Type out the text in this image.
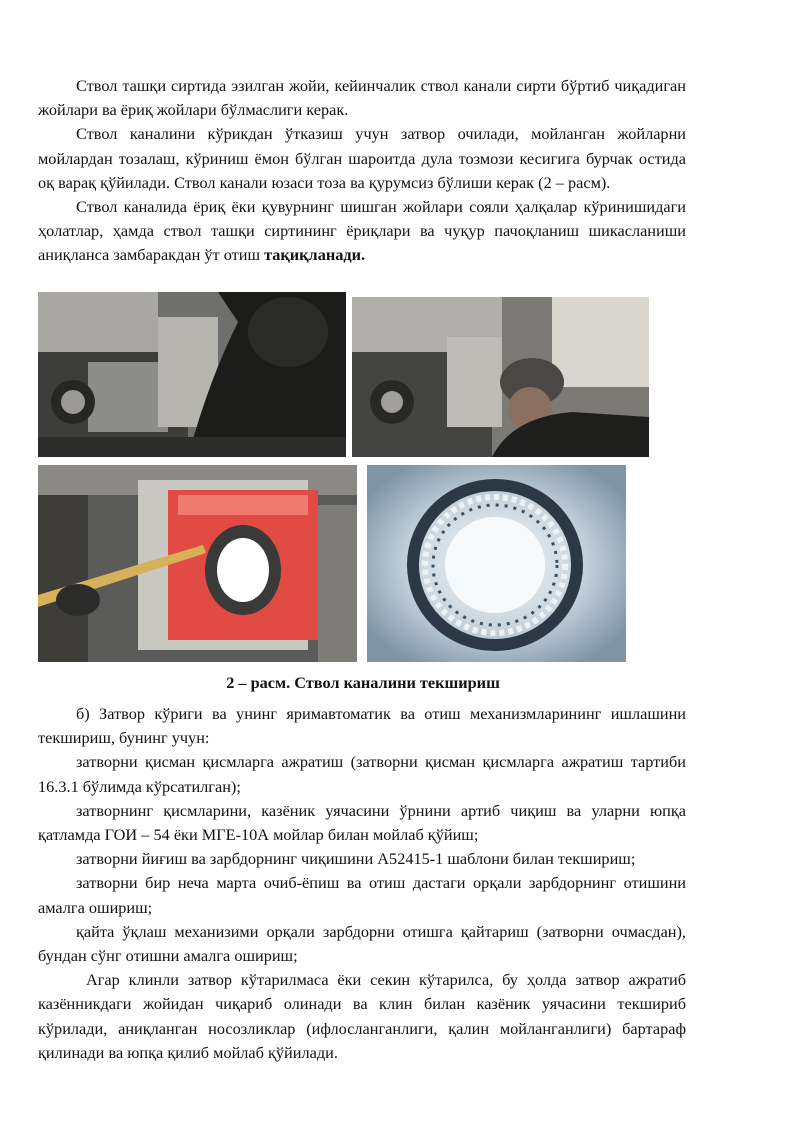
Ствол ташқи сиртида эзилган жойи, кейинчалик ствол канали сирти бўртиб чиқадиган жойлари ва ёриқ жойлари бўлмаслиги керак.

Ствол каналини кўрикдан ўтказиш учун затвор очилади, мойланган жойларни мойлардан тозалаш, кўриниш ёмон бўлган шароитда дула тозмози кесигига бурчак остида оқ варақ қўйилади. Ствол канали юзаси тоза ва қурумсиз бўлиши керак (2 – расм).

Ствол каналида ёриқ ёки қувурнинг шишган жойлари сояли ҳалқалар кўринишидаги ҳолатлар, ҳамда ствол ташқи сиртининг ёриқлари ва чуқур пачоқланиш шикасланиши аниқланса замбаракдан ўт отиш тақиқланади.

2 – расм. Ствол каналини текшириш

б) Затвор кўриги ва унинг яримавтоматик ва отиш механизмларининг ишлашини текшириш, бунинг учун:

затворни қисман қисмларга ажратиш (затворни қисман қисмларга ажратиш тартиби 16.3.1 бўлимда кўрсатилган);

затворнинг қисмларини, казёник уячасини ўрнини артиб чиқиш ва уларни юпқа қатламда ГОИ – 54 ёки МГЕ-10А мойлар билан мойлаб қўйиш;

затворни йиғиш ва зарбдорнинг чиқишини А52415-1 шаблони билан текшириш;

затворни бир неча марта очиб-ёпиш ва отиш дастаги орқали зарбдорнинг отишини амалга ошириш;

қайта ўқлаш механизими орқали зарбдорни отишга қайтариш (затворни очмасдан), бундан сўнг отишни амалга ошириш;

Агар клинли затвор кўтарилмаса ёки секин кўтарилса, бу ҳолда затвор ажратиб казённикдаги жойидан чиқариб олинади ва клин билан казёник уячасини текшириб кўрилади, аниқланган носозликлар (ифлосланганлиги, қалин мойланганлиги) бартараф қилинади ва юпқа қилиб мойлаб қўйилади.
